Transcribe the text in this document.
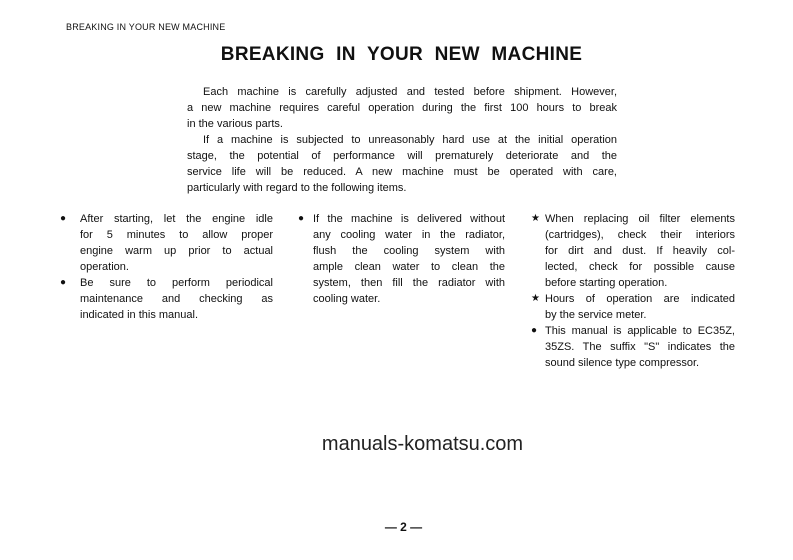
BREAKING IN YOUR NEW MACHINE
BREAKING IN YOUR NEW MACHINE
Each machine is carefully adjusted and tested before shipment. However,
a new machine requires careful operation during the first 100 hours to break
in the various parts.
If a machine is subjected to unreasonably hard use at the initial operation
stage, the potential of performance will prematurely deteriorate and the
service life will be reduced. A new machine must be operated with care,
particularly with regard to the following items.
● After starting, let the engine idle
for 5 minutes to allow proper
engine warm up prior to actual
operation.
● Be sure to perform periodical
maintenance and checking as
indicated in this manual.
● If the machine is delivered without
any cooling water in the radiator,
flush the cooling system with
ample clean water to clean the
system, then fill the radiator with
cooling water.
★ When replacing oil filter elements
(cartridges), check their interiors
for dirt and dust. If heavily col-
lected, check for possible cause
before starting operation.
★ Hours of operation are indicated
by the service meter.
● This manual is applicable to EC35Z,
35ZS. The suffix "S" indicates the
sound silence type compressor.
manuals-komatsu.com
— 2 —
